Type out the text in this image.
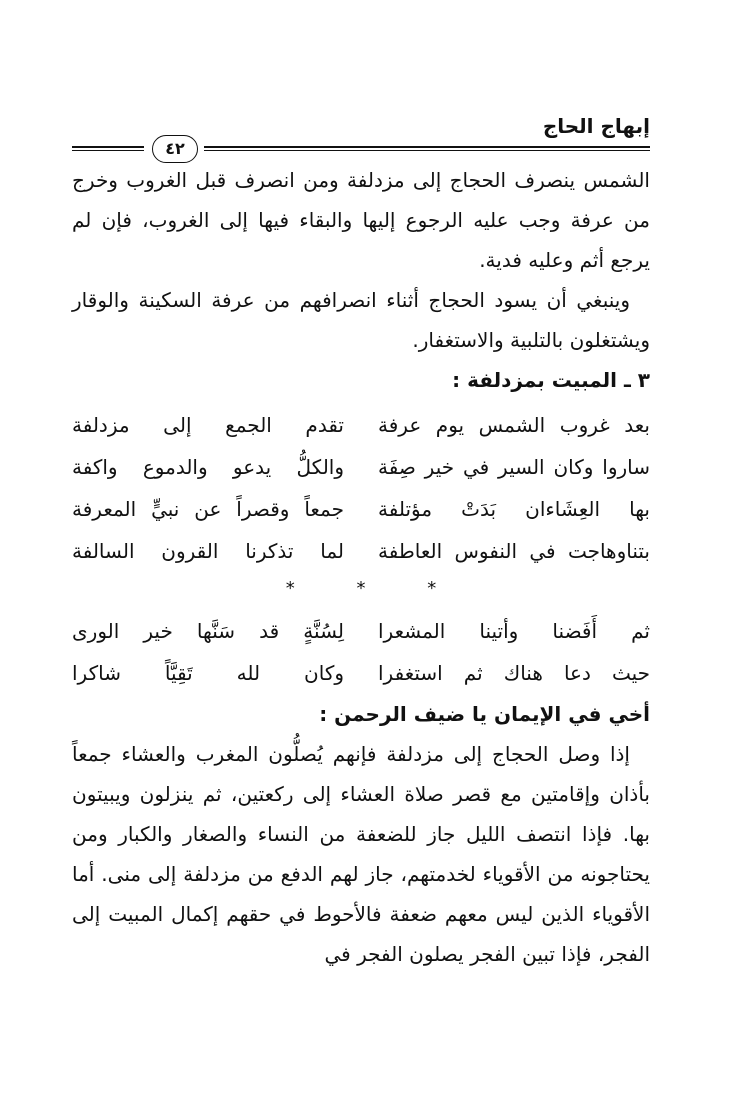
إبهاج الحاج
٤٢

الشمس ينصرف الحجاج إلى مزدلفة ومن انصرف قبل الغروب وخرج من عرفة وجب عليه الرجوع إليها والبقاء فيها إلى الغروب، فإن لم يرجع أثم وعليه فدية.

وينبغي أن يسود الحجاج أثناء انصرافهم من عرفة السكينة والوقار ويشتغلون بالتلبية والاستغفار.

٣ ـ المبيت بمزدلفة :

بعد غروب الشمس يوم عرفة
تقدم الجمع إلى مزدلفة
ساروا وكان السير في خير صِفَة
والكلُّ يدعو والدموع واكفة
بها العِشَاءان بَدَتْ مؤتلفة
جمعاً وقصراً عن نبيٍّ المعرفة
بتناوهاجت في النفوس العاطفة
لما تذكرنا القرون السالفة
* * *
ثم أَفَضنا وأتينا المشعرا
لِسُنَّةٍ قد سَنَّها خير الورى
حيث دعا هناك ثم استغفرا
وكان لله تَقِيَّاً شاكرا

أخي في الإيمان يا ضيف الرحمن :

إذا وصل الحجاج إلى مزدلفة فإنهم يُصلُّون المغرب والعشاء جمعاً بأذان وإقامتين مع قصر صلاة العشاء إلى ركعتين، ثم ينزلون ويبيتون بها. فإذا انتصف الليل جاز للضعفة من النساء والصغار والكبار ومن يحتاجونه من الأقوياء لخدمتهم، جاز لهم الدفع من مزدلفة إلى منى. أما الأقوياء الذين ليس معهم ضعفة فالأحوط في حقهم إكمال المبيت إلى الفجر، فإذا تبين الفجر يصلون الفجر في
